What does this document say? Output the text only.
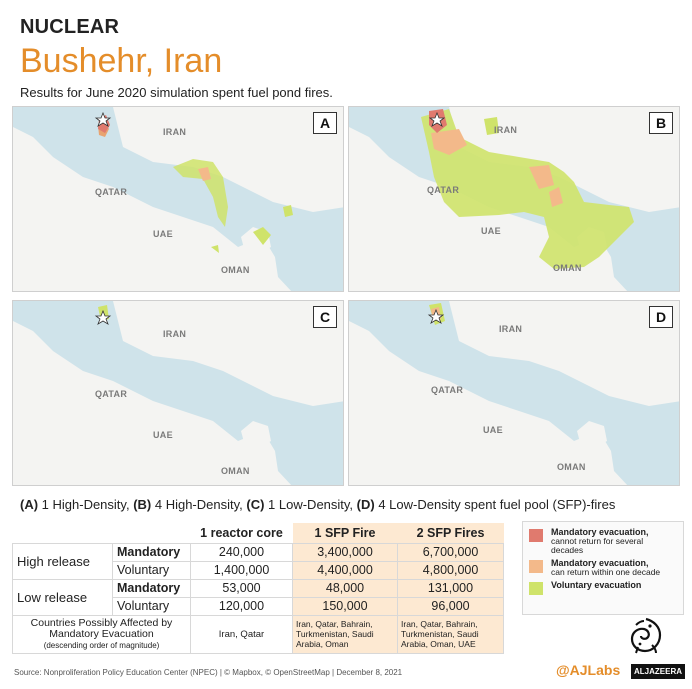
NUCLEAR
Bushehr, Iran
Results for June 2020 simulation spent fuel pond fires.
IRAN
QATAR
UAE
OMAN
A	IRAN
QATAR
UAE
OMAN
B
IRAN
QATAR
UAE
OMAN
C
IRAN
QATAR
UAE
OMAN
D
(A) 1 High-Density, (B) 4 High-Density, (C) 1 Low-Density, (D) 4 Low-Density spent fuel pool (SFP)-fires
		1 reactor core	1 SFP Fire	2 SFP Fires
High release	Mandatory	240,000	3,400,000	6,700,000
	Voluntary	1,400,000	4,400,000	4,800,000
Low release	Mandatory	53,000	48,000	131,000
	Voluntary	120,000	150,000	96,000
Countries Possibly Affected by Mandatory Evacuation
(descending order of magnitude)		Iran, Qatar	Iran, Qatar, Bahrain, Turkmenistan, Saudi Arabia, Oman	Iran, Qatar, Bahrain, Turkmenistan, Saudi Arabia, Oman, UAE
Mandatory evacuation,
cannot return for several decades
Mandatory evacuation,
can return within one decade
Voluntary evacuation
Source: Nonproliferation Policy Education Center (NPEC) | © Mapbox, © OpenStreetMap | December 8, 2021	@AJLabs	ALJAZEERA
